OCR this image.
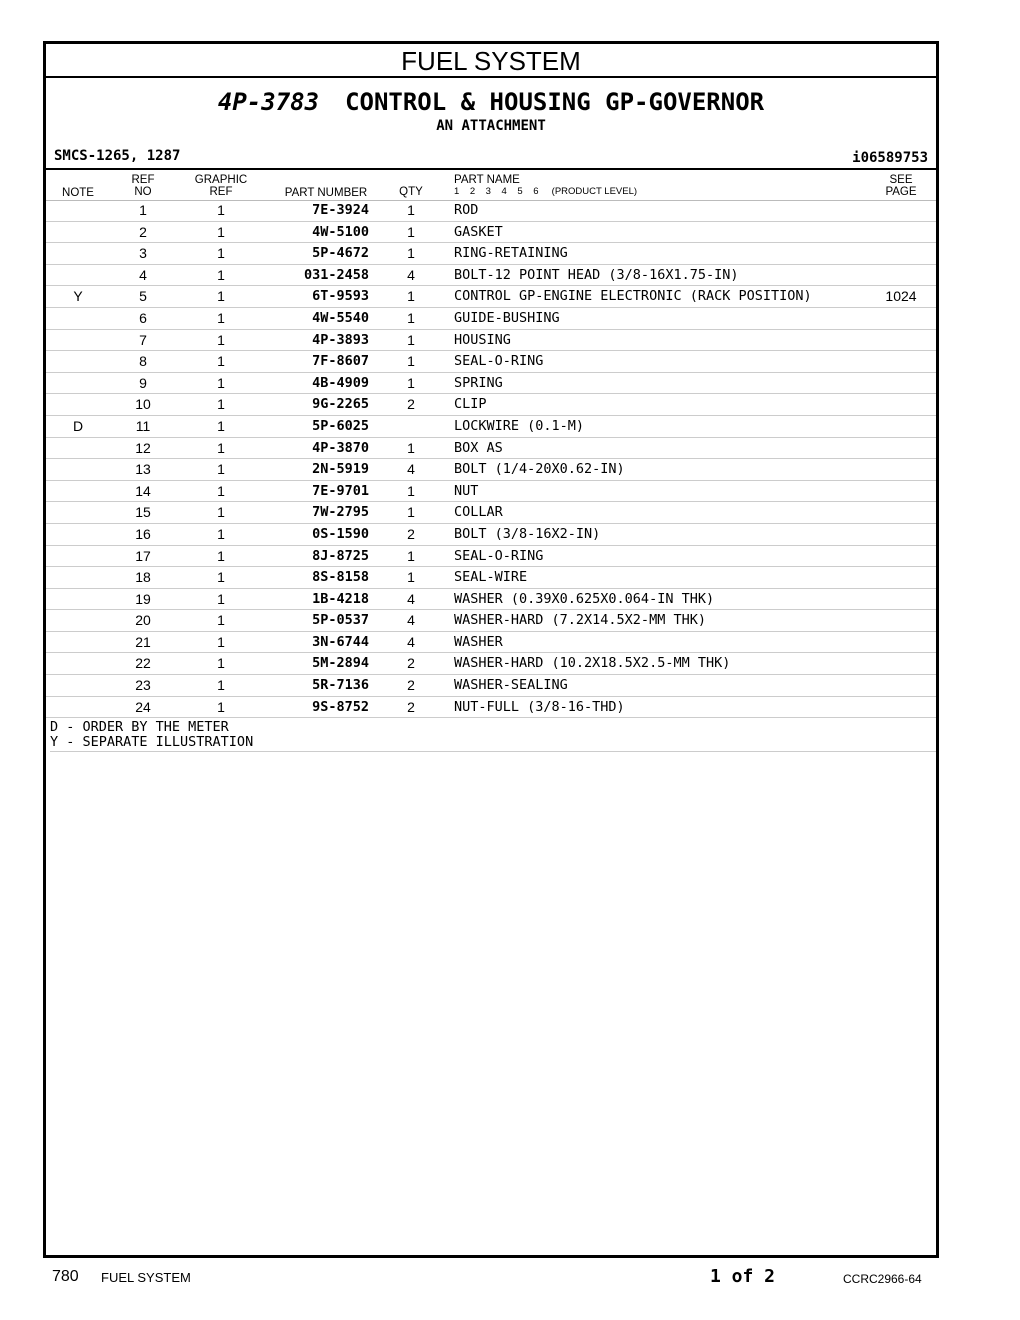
FUEL SYSTEM
4P-3783 CONTROL & HOUSING GP-GOVERNOR
AN ATTACHMENT
SMCS-1265, 1287	i06589753
NOTE
REF
NO
GRAPHIC
REF	PART NUMBER	QTY
PART NAME
1    2    3    4    5    6     (PRODUCT LEVEL)
SEE
PAGE
1	1	7E-3924	1	ROD
2	1	4W-5100	1	GASKET
3	1	5P-4672	1	RING-RETAINING
4	1	031-2458	4	BOLT-12 POINT HEAD (3/8-16X1.75-IN)
Y	5	1	6T-9593	1	CONTROL GP-ENGINE ELECTRONIC (RACK POSITION)	1024
6	1	4W-5540	1	GUIDE-BUSHING
7	1	4P-3893	1	HOUSING
8	1	7F-8607	1	SEAL-O-RING
9	1	4B-4909	1	SPRING
10	1	9G-2265	2	CLIP
D	11	1	5P-6025	LOCKWIRE (0.1-M)
12	1	4P-3870	1	BOX AS
13	1	2N-5919	4	BOLT (1/4-20X0.62-IN)
14	1	7E-9701	1	NUT
15	1	7W-2795	1	COLLAR
16	1	0S-1590	2	BOLT (3/8-16X2-IN)
17	1	8J-8725	1	SEAL-O-RING
18	1	8S-8158	1	SEAL-WIRE
19	1	1B-4218	4	WASHER (0.39X0.625X0.064-IN THK)
20	1	5P-0537	4	WASHER-HARD (7.2X14.5X2-MM THK)
21	1	3N-6744	4	WASHER
22	1	5M-2894	2	WASHER-HARD (10.2X18.5X2.5-MM THK)
23	1	5R-7136	2	WASHER-SEALING
24	1	9S-8752	2	NUT-FULL (3/8-16-THD)
D - ORDER BY THE METER
Y - SEPARATE ILLUSTRATION
780 FUEL SYSTEM	1 of 2	CCRC2966-64
